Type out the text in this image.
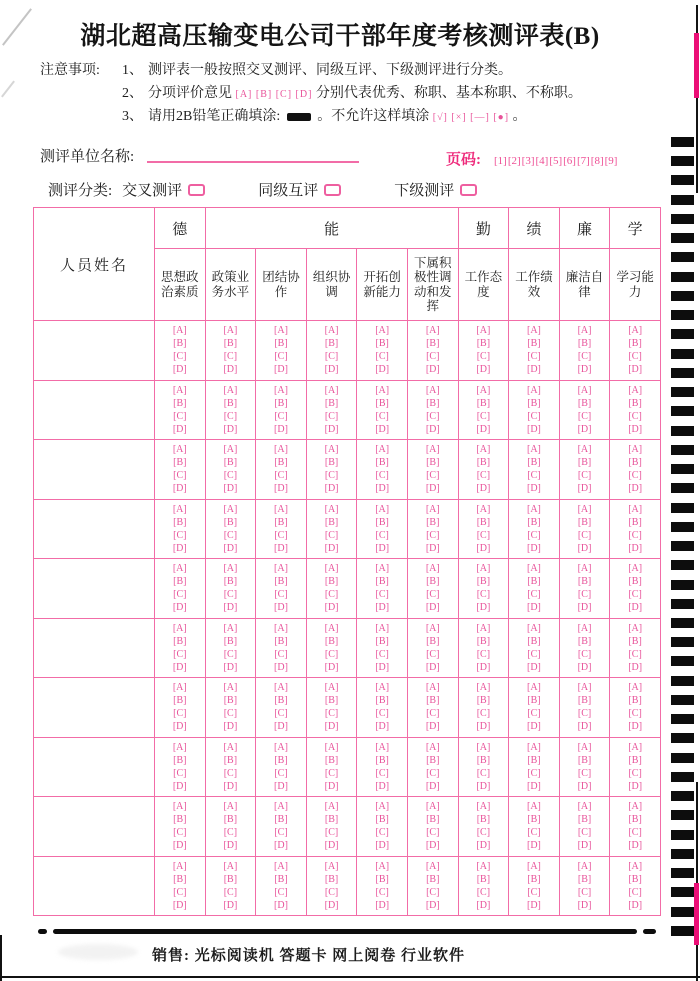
湖北超高压输变电公司干部年度考核测评表(B)
注意事项: 1、 测评表一般按照交叉测评、同级互评、下级测评进行分类。
2、 分项评价意见 [A] [B] [C] [D] 分别代表优秀、称职、基本称职、不称职。
3、 请用2B铅笔正确填涂:  。不允许这样填涂 [√] [×] [—] [●] 。
测评单位名称:	页码: [1][2][3][4][5][6][7][8][9]
测评分类: 交叉测评	同级互评	下级测评
人员姓名	德	能					勤	绩	廉	学
	思想政治素质	政策业务水平	团结协作	组织协调	开拓创新能力	下属积极性调动和发挥	工作态度	工作绩效	廉洁自律	学习能力

	[A]
[B]
[C]
[D]	[A]
[B]
[C]
[D]	[A]
[B]
[C]
[D]	[A]
[B]
[C]
[D]	[A]
[B]
[C]
[D]	[A]
[B]
[C]
[D]	[A]
[B]
[C]
[D]	[A]
[B]
[C]
[D]	[A]
[B]
[C]
[D]	[A]
[B]
[C]
[D]

	[A]
[B]
[C]
[D]	[A]
[B]
[C]
[D]	[A]
[B]
[C]
[D]	[A]
[B]
[C]
[D]	[A]
[B]
[C]
[D]	[A]
[B]
[C]
[D]	[A]
[B]
[C]
[D]	[A]
[B]
[C]
[D]	[A]
[B]
[C]
[D]	[A]
[B]
[C]
[D]

	[A]
[B]
[C]
[D]	[A]
[B]
[C]
[D]	[A]
[B]
[C]
[D]	[A]
[B]
[C]
[D]	[A]
[B]
[C]
[D]	[A]
[B]
[C]
[D]	[A]
[B]
[C]
[D]	[A]
[B]
[C]
[D]	[A]
[B]
[C]
[D]	[A]
[B]
[C]
[D]

	[A]
[B]
[C]
[D]	[A]
[B]
[C]
[D]	[A]
[B]
[C]
[D]	[A]
[B]
[C]
[D]	[A]
[B]
[C]
[D]	[A]
[B]
[C]
[D]	[A]
[B]
[C]
[D]	[A]
[B]
[C]
[D]	[A]
[B]
[C]
[D]	[A]
[B]
[C]
[D]

	[A]
[B]
[C]
[D]	[A]
[B]
[C]
[D]	[A]
[B]
[C]
[D]	[A]
[B]
[C]
[D]	[A]
[B]
[C]
[D]	[A]
[B]
[C]
[D]	[A]
[B]
[C]
[D]	[A]
[B]
[C]
[D]	[A]
[B]
[C]
[D]	[A]
[B]
[C]
[D]

	[A]
[B]
[C]
[D]	[A]
[B]
[C]
[D]	[A]
[B]
[C]
[D]	[A]
[B]
[C]
[D]	[A]
[B]
[C]
[D]	[A]
[B]
[C]
[D]	[A]
[B]
[C]
[D]	[A]
[B]
[C]
[D]	[A]
[B]
[C]
[D]	[A]
[B]
[C]
[D]

	[A]
[B]
[C]
[D]	[A]
[B]
[C]
[D]	[A]
[B]
[C]
[D]	[A]
[B]
[C]
[D]	[A]
[B]
[C]
[D]	[A]
[B]
[C]
[D]	[A]
[B]
[C]
[D]	[A]
[B]
[C]
[D]	[A]
[B]
[C]
[D]	[A]
[B]
[C]
[D]

	[A]
[B]
[C]
[D]	[A]
[B]
[C]
[D]	[A]
[B]
[C]
[D]	[A]
[B]
[C]
[D]	[A]
[B]
[C]
[D]	[A]
[B]
[C]
[D]	[A]
[B]
[C]
[D]	[A]
[B]
[C]
[D]	[A]
[B]
[C]
[D]	[A]
[B]
[C]
[D]

	[A]
[B]
[C]
[D]	[A]
[B]
[C]
[D]	[A]
[B]
[C]
[D]	[A]
[B]
[C]
[D]	[A]
[B]
[C]
[D]	[A]
[B]
[C]
[D]	[A]
[B]
[C]
[D]	[A]
[B]
[C]
[D]	[A]
[B]
[C]
[D]	[A]
[B]
[C]
[D]

	[A]
[B]
[C]
[D]	[A]
[B]
[C]
[D]	[A]
[B]
[C]
[D]	[A]
[B]
[C]
[D]	[A]
[B]
[C]
[D]	[A]
[B]
[C]
[D]	[A]
[B]
[C]
[D]	[A]
[B]
[C]
[D]	[A]
[B]
[C]
[D]	[A]
[B]
[C]
[D]
销售: 光标阅读机 答题卡 网上阅卷 行业软件
